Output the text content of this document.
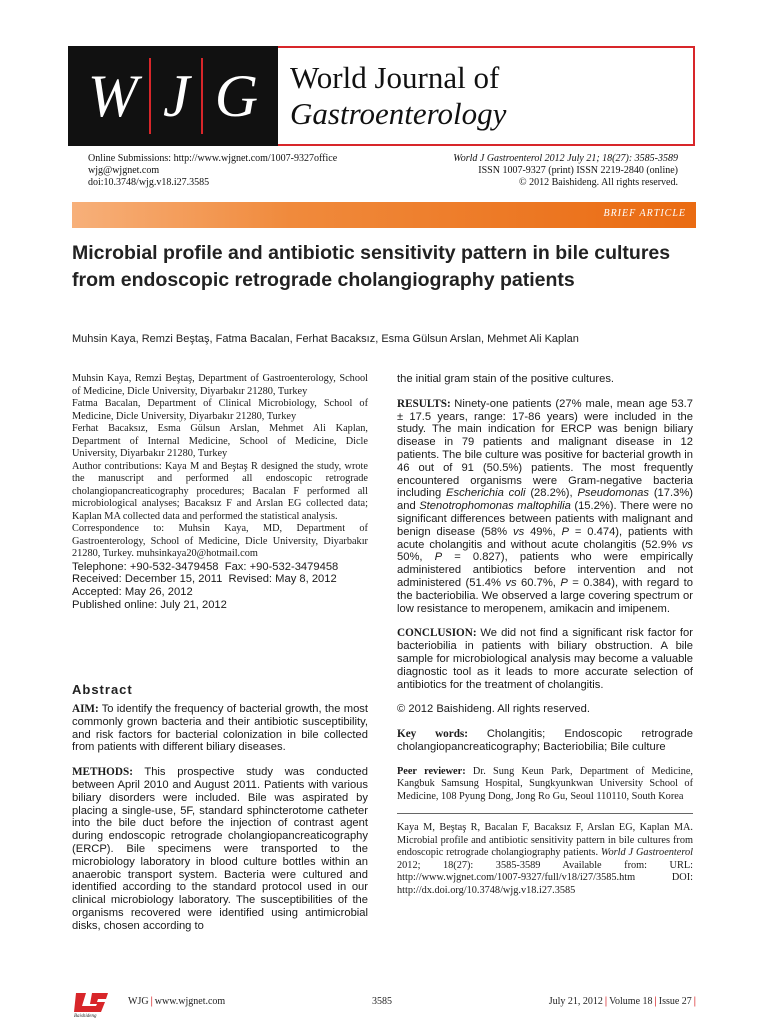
W J G World Journal of
Gastroenterology
Online Submissions: http://www.wjgnet.com/1007-9327office
wjg@wjgnet.com
doi:10.3748/wjg.v18.i27.3585
World J Gastroenterol 2012 July 21; 18(27): 3585-3589
ISSN 1007-9327 (print) ISSN 2219-2840 (online)
© 2012 Baishideng. All rights reserved.
BRIEF ARTICLE
Microbial profile and antibiotic sensitivity pattern in bile cultures from endoscopic retrograde cholangiography patients
Muhsin Kaya, Remzi Beştaş, Fatma Bacalan, Ferhat Bacaksız, Esma Gülsun Arslan, Mehmet Ali Kaplan

Muhsin Kaya, Remzi Beştaş, Department of Gastroenterology, School of Medicine, Dicle University, Diyarbakır 21280, Turkey

Fatma Bacalan, Department of Clinical Microbiology, School of Medicine, Dicle University, Diyarbakır 21280, Turkey

Ferhat Bacaksız, Esma Gülsun Arslan, Mehmet Ali Kaplan, Department of Internal Medicine, School of Medicine, Dicle University, Diyarbakır 21280, Turkey

Author contributions: Kaya M and Beştaş R designed the study, wrote the manuscript and performed all endoscopic retrograde cholangiopancreaticography procedures; Bacalan F performed all microbiological analyses; Bacaksız F and Arslan EG collected data; Kaplan MA collected data and performed the statistical analysis.

Correspondence to: Muhsin Kaya, MD, Department of Gastroenterology, School of Medicine, Dicle University, Diyarbakır 21280, Turkey. muhsinkaya20@hotmail.com

Telephone: +90-532-3479458 Fax: +90-532-3479458

Received: December 15, 2011 Revised: May 8, 2012

Accepted: May 26, 2012

Published online: July 21, 2012

Abstract

AIM: To identify the frequency of bacterial growth, the most commonly grown bacteria and their antibiotic susceptibility, and risk factors for bacterial colonization in bile collected from patients with different biliary diseases.

METHODS: This prospective study was conducted between April 2010 and August 2011. Patients with various biliary disorders were included. Bile was aspirated by placing a single-use, 5F, standard sphincterotome catheter into the bile duct before the injection of contrast agent during endoscopic retrograde cholangiopancreaticography (ERCP). Bile specimens were transported to the microbiology laboratory in blood culture bottles within an anaerobic transport system. Bacteria were cultured and identified according to the standard protocol used in our clinical microbiology laboratory. The susceptibilities of the organisms recovered were identified using antimicrobial disks, chosen according to

the initial gram stain of the positive cultures.

RESULTS: Ninety-one patients (27% male, mean age 53.7 ± 17.5 years, range: 17-86 years) were included in the study. The main indication for ERCP was benign biliary disease in 79 patients and malignant disease in 12 patients. The bile culture was positive for bacterial growth in 46 out of 91 (50.5%) patients. The most frequently encountered organisms were Gram-negative bacteria including Escherichia coli (28.2%), Pseudomonas (17.3%) and Stenotrophomonas maltophilia (15.2%). There were no significant differences between patients with malignant and benign disease (58% vs 49%, P = 0.474), patients with acute cholangitis and without acute cholangitis (52.9% vs 50%, P = 0.827), patients who were empirically administered antibiotics before intervention and not administered (51.4% vs 60.7%, P = 0.384), with regard to the bacteriobilia. We observed a large covering spectrum or low resistance to meropenem, amikacin and imipenem.

CONCLUSION: We did not find a significant risk factor for bacteriobilia in patients with biliary obstruction. A bile sample for microbiological analysis may become a valuable diagnostic tool as it leads to more accurate selection of antibiotics for the treatment of cholangitis.

© 2012 Baishideng. All rights reserved.

Key words: Cholangitis; Endoscopic retrograde cholangiopancreaticography; Bacteriobilia; Bile culture

Peer reviewer: Dr. Sung Keun Park, Department of Medicine, Kangbuk Samsung Hospital, Sungkyunkwan University School of Medicine, 108 Pyung Dong, Jong Ro Gu, Seoul 110110, South Korea

Kaya M, Beştaş R, Bacalan F, Bacaksız F, Arslan EG, Kaplan MA. Microbial profile and antibiotic sensitivity pattern in bile cultures from endoscopic retrograde cholangiography patients. World J Gastroenterol 2012; 18(27): 3585-3589 Available from: URL: http://www.wjgnet.com/1007-9327/full/v18/i27/3585.htm DOI: http://dx.doi.org/10.3748/wjg.v18.i27.3585

Baishideng
WJG | www.wjgnet.com	3585	July 21, 2012 | Volume 18 | Issue 27 |
